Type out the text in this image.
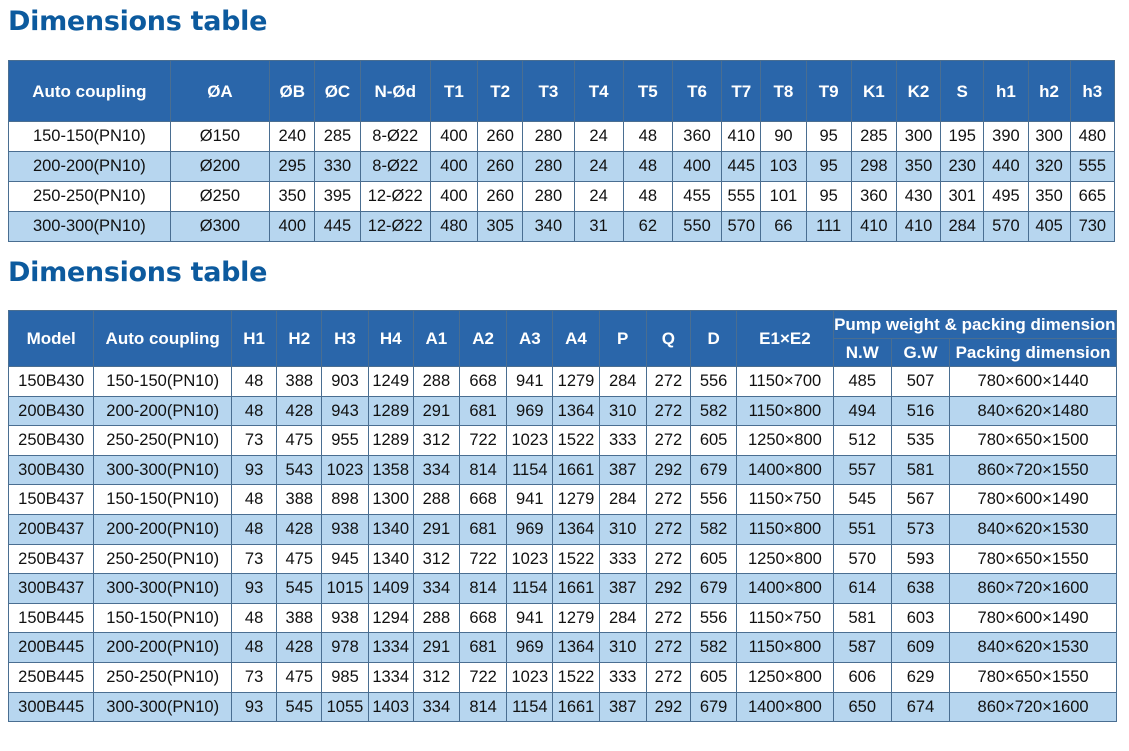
Dimensions table
Auto coupling	ØA	ØB	ØC	N-Ød	T1	T2	T3	T4	T5	T6	T7	T8	T9	K1	K2	S	h1	h2	h3
150-150(PN10)	Ø150	240	285	8-Ø22	400	260	280	24	48	360	410	90	95	285	300	195	390	300	480
200-200(PN10)	Ø200	295	330	8-Ø22	400	260	280	24	48	400	445	103	95	298	350	230	440	320	555
250-250(PN10)	Ø250	350	395	12-Ø22	400	260	280	24	48	455	555	101	95	360	430	301	495	350	665
300-300(PN10)	Ø300	400	445	12-Ø22	480	305	340	31	62	550	570	66	111	410	410	284	570	405	730
Dimensions table
Model	Auto coupling	H1	H2	H3	H4	A1	A2	A3	A4	P	Q	D	E1×E2	Pump weight & packing dimension		
														N.W	G.W	Packing dimension
150B430	150-150(PN10)	48	388	903	1249	288	668	941	1279	284	272	556	1150×700	485	507	780×600×1440
200B430	200-200(PN10)	48	428	943	1289	291	681	969	1364	310	272	582	1150×800	494	516	840×620×1480
250B430	250-250(PN10)	73	475	955	1289	312	722	1023	1522	333	272	605	1250×800	512	535	780×650×1500
300B430	300-300(PN10)	93	543	1023	1358	334	814	1154	1661	387	292	679	1400×800	557	581	860×720×1550
150B437	150-150(PN10)	48	388	898	1300	288	668	941	1279	284	272	556	1150×750	545	567	780×600×1490
200B437	200-200(PN10)	48	428	938	1340	291	681	969	1364	310	272	582	1150×800	551	573	840×620×1530
250B437	250-250(PN10)	73	475	945	1340	312	722	1023	1522	333	272	605	1250×800	570	593	780×650×1550
300B437	300-300(PN10)	93	545	1015	1409	334	814	1154	1661	387	292	679	1400×800	614	638	860×720×1600
150B445	150-150(PN10)	48	388	938	1294	288	668	941	1279	284	272	556	1150×750	581	603	780×600×1490
200B445	200-200(PN10)	48	428	978	1334	291	681	969	1364	310	272	582	1150×800	587	609	840×620×1530
250B445	250-250(PN10)	73	475	985	1334	312	722	1023	1522	333	272	605	1250×800	606	629	780×650×1550
300B445	300-300(PN10)	93	545	1055	1403	334	814	1154	1661	387	292	679	1400×800	650	674	860×720×1600
